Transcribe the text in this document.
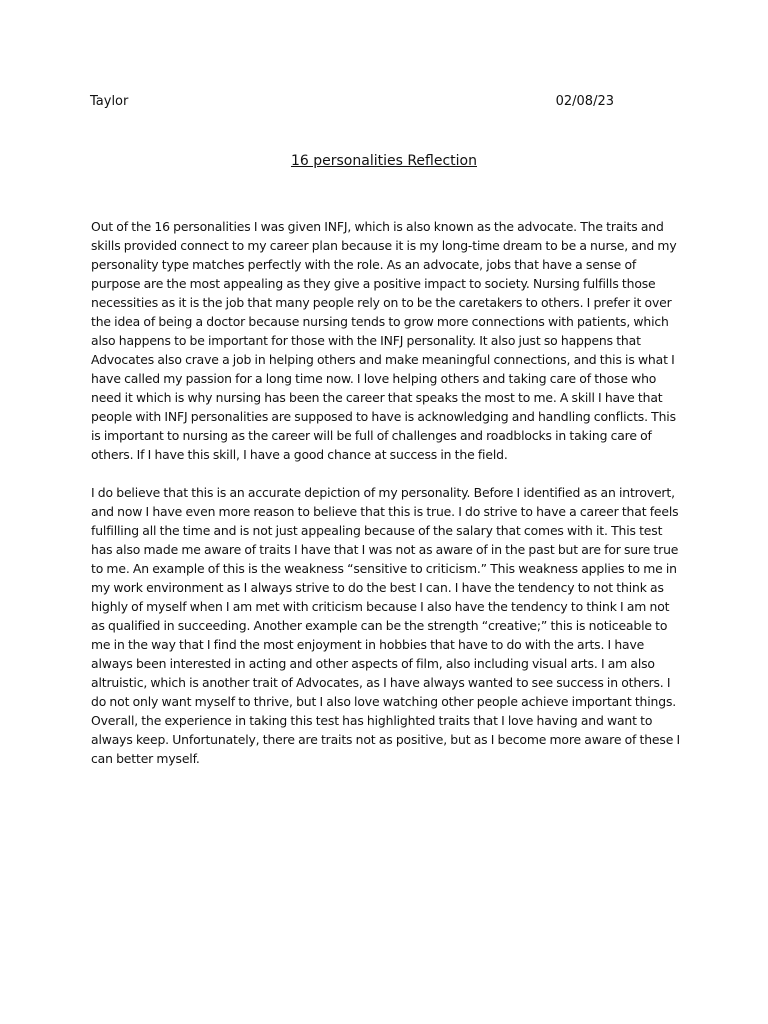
Taylor	02/08/23
16 personalities Reflection

Out of the 16 personalities I was given INFJ, which is also known as the advocate. The traits and skills provided connect to my career plan because it is my long-time dream to be a nurse, and my personality type matches perfectly with the role. As an advocate, jobs that have a sense of purpose are the most appealing as they give a positive impact to society. Nursing fulfills those necessities as it is the job that many people rely on to be the caretakers to others. I prefer it over the idea of being a doctor because nursing tends to grow more connections with patients, which also happens to be important for those with the INFJ personality. It also just so happens that Advocates also crave a job in helping others and make meaningful connections, and this is what I have called my passion for a long time now. I love helping others and taking care of those who need it which is why nursing has been the career that speaks the most to me. A skill I have that people with INFJ personalities are supposed to have is acknowledging and handling conflicts. This is important to nursing as the career will be full of challenges and roadblocks in taking care of others. If I have this skill, I have a good chance at success in the field.

I do believe that this is an accurate depiction of my personality. Before I identified as an introvert, and now I have even more reason to believe that this is true. I do strive to have a career that feels fulfilling all the time and is not just appealing because of the salary that comes with it. This test has also made me aware of traits I have that I was not as aware of in the past but are for sure true to me. An example of this is the weakness “sensitive to criticism.” This weakness applies to me in my work environment as I always strive to do the best I can. I have the tendency to not think as highly of myself when I am met with criticism because I also have the tendency to think I am not as qualified in succeeding. Another example can be the strength “creative;” this is noticeable to me in the way that I find the most enjoyment in hobbies that have to do with the arts. I have always been interested in acting and other aspects of film, also including visual arts. I am also altruistic, which is another trait of Advocates, as I have always wanted to see success in others. I do not only want myself to thrive, but I also love watching other people achieve important things. Overall, the experience in taking this test has highlighted traits that I love having and want to always keep. Unfortunately, there are traits not as positive, but as I become more aware of these I can better myself.
